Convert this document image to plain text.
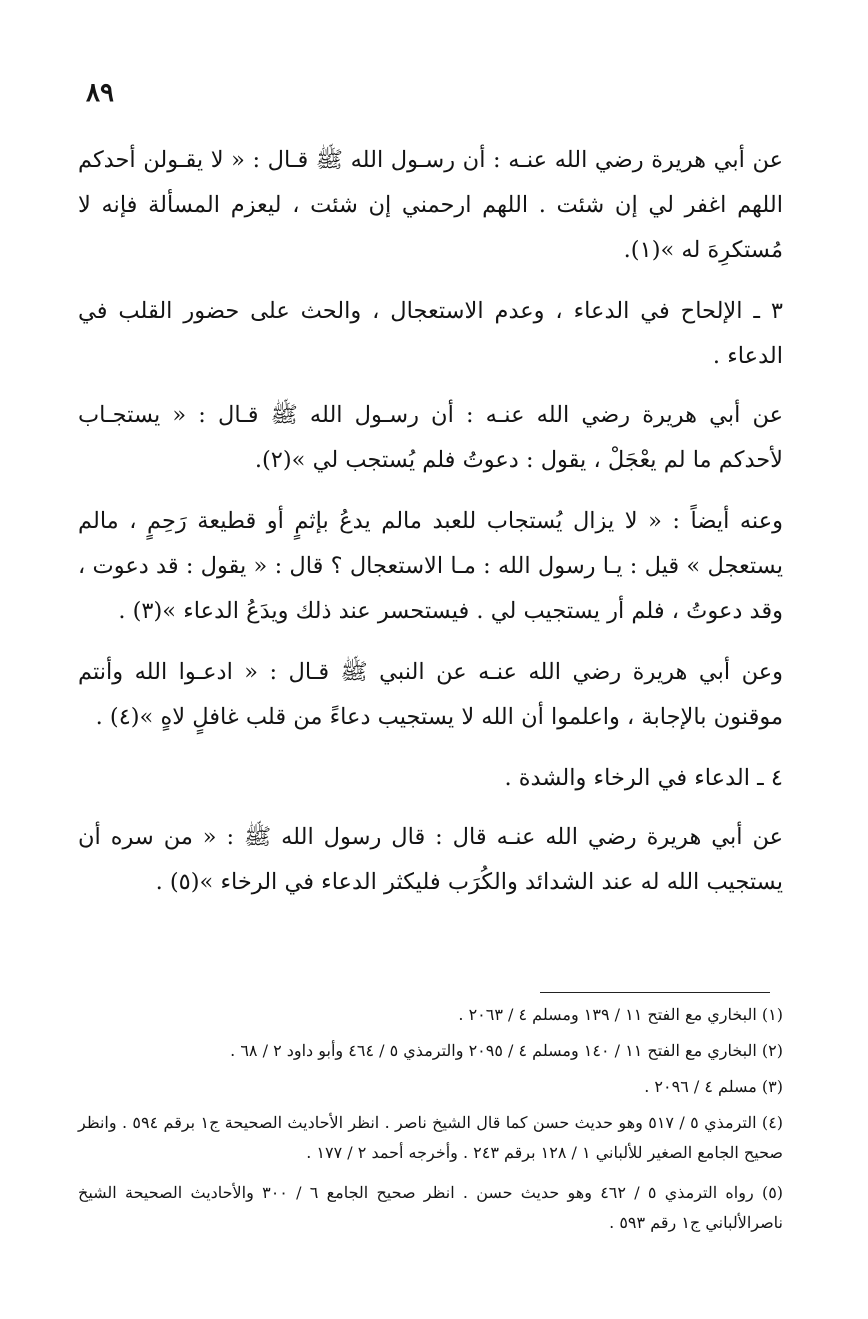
٨٩

عن أبي هريرة رضي الله عنـه : أن رسـول الله ﷺ قـال : « لا يقـولن أحدكم اللهم اغفر لي إن شئت . اللهم ارحمني إن شئت ، ليعزم المسألة فإنه لا مُستكرِهَ له »(١).

٣ ـ الإلحاح في الدعاء ، وعدم الاستعجال ، والحث على حضور القلب في الدعاء .

عن أبي هريرة رضي الله عنـه : أن رسـول الله ﷺ قـال : « يستجـاب لأحدكم ما لم يعْجَلْ ، يقول : دعوتُ فلم يُستجب لي »(٢).

وعنه أيضاً : « لا يزال يُستجاب للعبد مالم يدعُ بإثمٍ أو قطيعة رَحِمٍ ، مالم يستعجل » قيل : يـا رسول الله : مـا الاستعجال ؟ قال : « يقول : قد دعوت ، وقد دعوتُ ، فلم أر يستجيب لي . فيستحسر عند ذلك ويدَعُ الدعاء »(٣) .

وعن أبي هريرة رضي الله عنـه عن النبي ﷺ قـال : « ادعـوا الله وأنتم موقنون بالإجابة ، واعلموا أن الله لا يستجيب دعاءً من قلب غافلٍ لاهٍ »(٤) .

٤ ـ الدعاء في الرخاء والشدة .

عن أبي هريرة رضي الله عنـه قال : قال رسول الله ﷺ : « من سره أن يستجيب الله له عند الشدائد والكُرَب فليكثر الدعاء في الرخاء »(٥) .

(١) البخاري مع الفتح ١١ / ١٣٩ ومسلم ٤ / ٢٠٦٣ .

(٢) البخاري مع الفتح ١١ / ١٤٠ ومسلم ٤ / ٢٠٩٥ والترمذي ٥ / ٤٦٤ وأبو داود ٢ / ٦٨ .

(٣) مسلم ٤ / ٢٠٩٦ .

(٤) الترمذي ٥ / ٥١٧ وهو حديث حسن كما قال الشيخ ناصر . انظر الأحاديث الصحيحة ج١ برقم ٥٩٤ . وانظر صحيح الجامع الصغير للألباني ١ / ١٢٨ برقم ٢٤٣ . وأخرجه أحمد ٢ / ١٧٧ .

(٥) رواه الترمذي ٥ / ٤٦٢ وهو حديث حسن . انظر صحيح الجامع ٦ / ٣٠٠ والأحاديث الصحيحة الشيخ ناصرالألباني ج١ رقم ٥٩٣ .
